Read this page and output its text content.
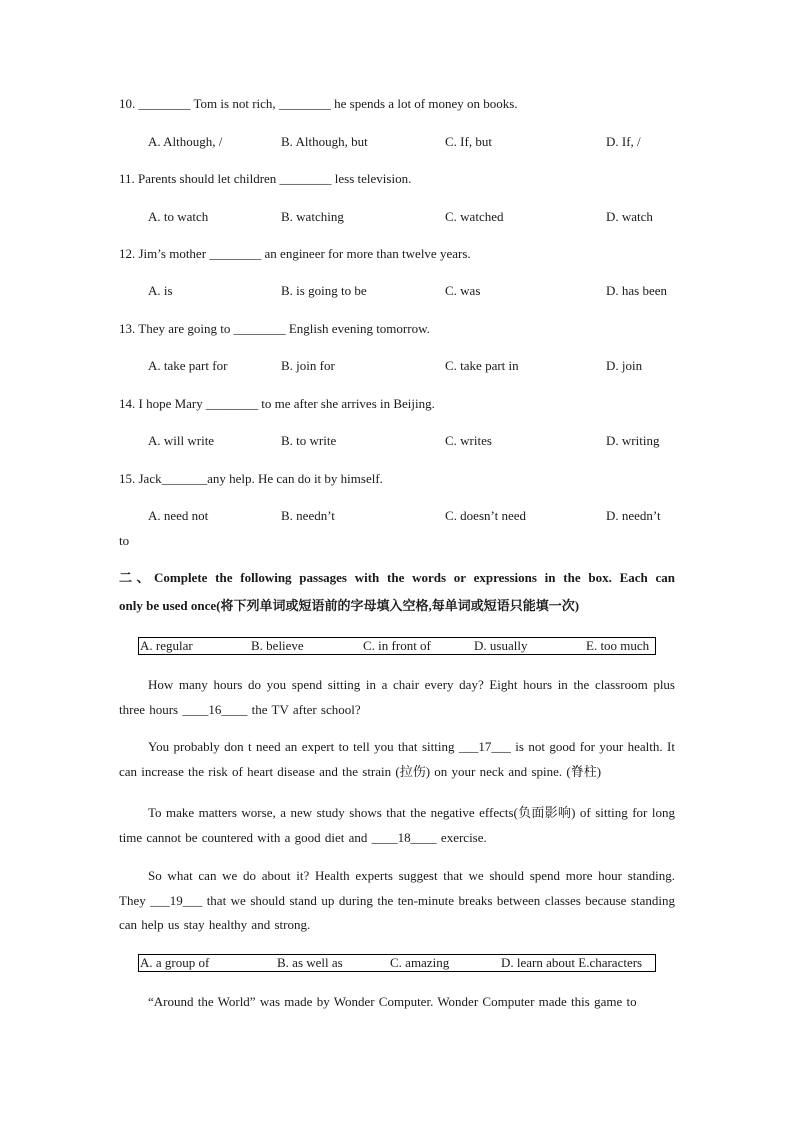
10. ________ Tom is not rich, ________ he spends a lot of money on books.
A. Although, /	B. Although, but	C. If, but	D. If, /
11. Parents should let children ________ less television.
A. to watch	B. watching	C. watched	D. watch
12. Jim’s mother ________ an engineer for more than twelve years.
A. is	B. is going to be	C. was	D. has been
13. They are going to ________ English evening tomorrow.
A. take part for	B. join for	C. take part in	D. join
14. I hope Mary ________ to me after she arrives in Beijing.
A. will write	B. to write	C. writes	D. writing
15. Jack_______any help. He can do it by himself.
A. need not	B. needn’t	C. doesn’t need	D. needn’t
to
二、Complete the following passages with the words or expressions in the box. Each can
only be used once(将下列单词或短语前的字母填入空格,每单词或短语只能填一次)
A. regular	B. believe	C. in front of	D. usually	E. too much
How many hours do you spend sitting in a chair every day? Eight hours in the classroom plus three hours ____16____ the TV after school?
You probably don t need an expert to tell you that sitting ___17___ is not good for your health. It can increase the risk of heart disease and the strain (拉伤) on your neck and spine. (脊柱)
To make matters worse, a new study shows that the negative effects(负面影响) of sitting for long time cannot be countered with a good diet and ____18____ exercise.
So what can we do about it? Health experts suggest that we should spend more hour standing. They ___19___ that we should stand up during the ten-minute breaks between classes because standing can help us stay healthy and strong.
A. a group of	B. as well as	C. amazing	D. learn about E.characters
“Around the World” was made by Wonder Computer. Wonder Computer made this game to
